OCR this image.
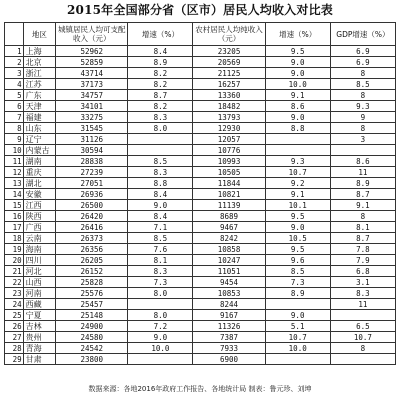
2015年全国部分省（区市）居民人均收入对比表
	地区	城镇居民人均可支配收入（元）	增速（%）	农村居民人均纯收入（元）	增速（%）	GDP增速（%）
1	上海	52962	8.4	23205	9.5	6.9
2	北京	52859	8.9	20569	9.0	6.9
3	浙江	43714	8.2	21125	9.0	8
4	江苏	37173	8.2	16257	10.0	8.5
5	广东	34757	8.7	13360	9.1	8
6	天津	34101	8.2	18482	8.6	9.3
7	福建	33275	8.3	13793	9.0	9
8	山东	31545	8.0	12930	8.8	8
9	辽宁	31126		12057		3
10	内蒙古	30594		10776		
11	湖南	28838	8.5	10993	9.3	8.6
12	重庆	27239	8.3	10505	10.7	11
13	湖北	27051	8.8	11844	9.2	8.9
14	安徽	26936	8.4	10821	9.1	8.7
15	江西	26500	9.0	11139	10.1	9.1
16	陕西	26420	8.4	8689	9.5	8
17	广西	26416	7.1	9467	9.0	8.1
18	云南	26373	8.5	8242	10.5	8.7
19	海南	26356	7.6	10858	9.5	7.8
20	四川	26205	8.1	10247	9.6	7.9
21	河北	26152	8.3	11051	8.5	6.8
22	山西	25828	7.3	9454	7.3	3.1
23	河南	25576	8.0	10853	8.9	8.3
24	西藏	25457		8244		11
25	宁夏	25148	8.0	9167	9.0	
26	吉林	24900	7.2	11326	5.1	6.5
27	贵州	24580	9.0	7387	10.7	10.7
28	青海	24542	10.0	7933	10.0	8
29	甘肃	23800		6900		
数据来源：各地2016年政府工作报告、各地统计局 制表：鲁元珍、刘坤
